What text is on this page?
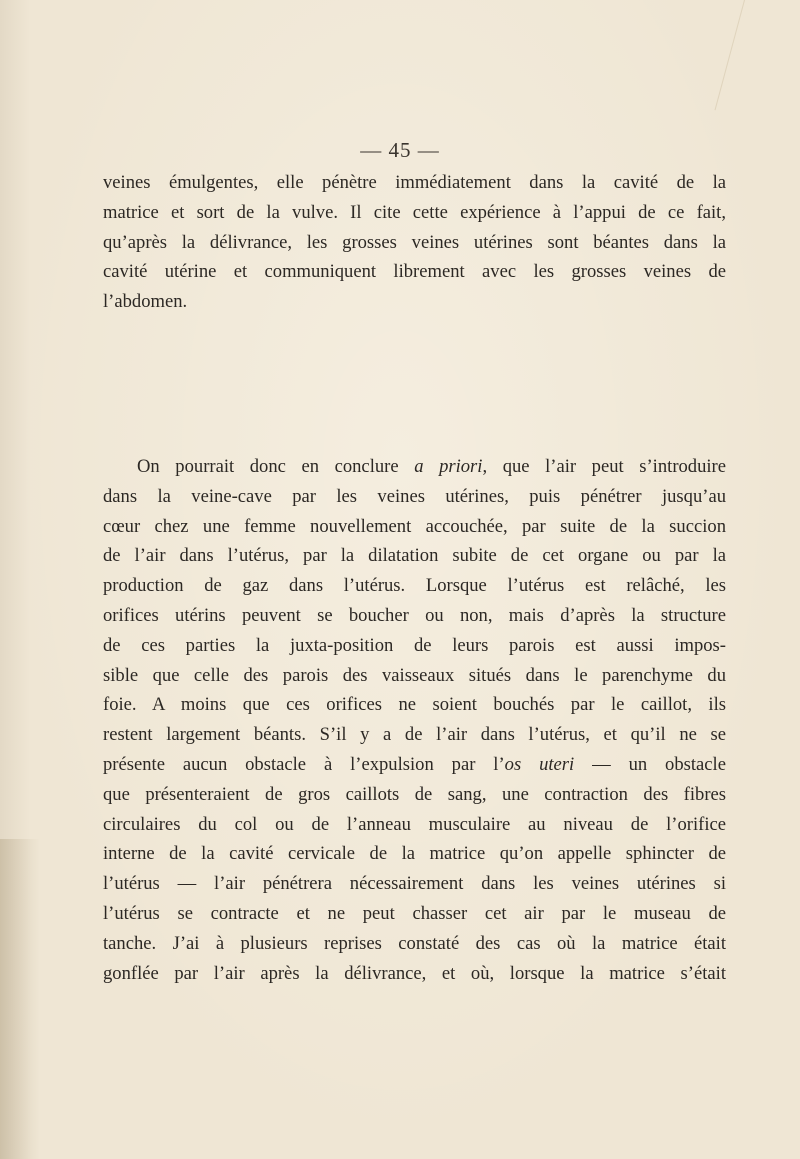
— 45 —
veines émulgentes, elle pénètre immédiatement dans la cavité de la
matrice et sort de la vulve. Il cite cette expérience à l’appui de ce fait,
qu’après la délivrance, les grosses veines utérines sont béantes dans la
cavité utérine et communiquent librement avec les grosses veines de
l’abdomen.
On pourrait donc en conclure a priori, que l’air peut s’introduire
dans la veine-cave par les veines utérines, puis pénétrer jusqu’au
cœur chez une femme nouvellement accouchée, par suite de la succion
de l’air dans l’utérus, par la dilatation subite de cet organe ou par la
production de gaz dans l’utérus. Lorsque l’utérus est relâché, les
orifices utérins peuvent se boucher ou non, mais d’après la structure
de ces parties la juxta-position de leurs parois est aussi impos-
sible que celle des parois des vaisseaux situés dans le parenchyme du
foie. A moins que ces orifices ne soient bouchés par le caillot, ils
restent largement béants. S’il y a de l’air dans l’utérus, et qu’il ne se
présente aucun obstacle à l’expulsion par l’os uteri — un obstacle
que présenteraient de gros caillots de sang, une contraction des fibres
circulaires du col ou de l’anneau musculaire au niveau de l’orifice
interne de la cavité cervicale de la matrice qu’on appelle sphincter de
l’utérus — l’air pénétrera nécessairement dans les veines utérines si
l’utérus se contracte et ne peut chasser cet air par le museau de
tanche. J’ai à plusieurs reprises constaté des cas où la matrice était
gonflée par l’air après la délivrance, et où, lorsque la matrice s’était
